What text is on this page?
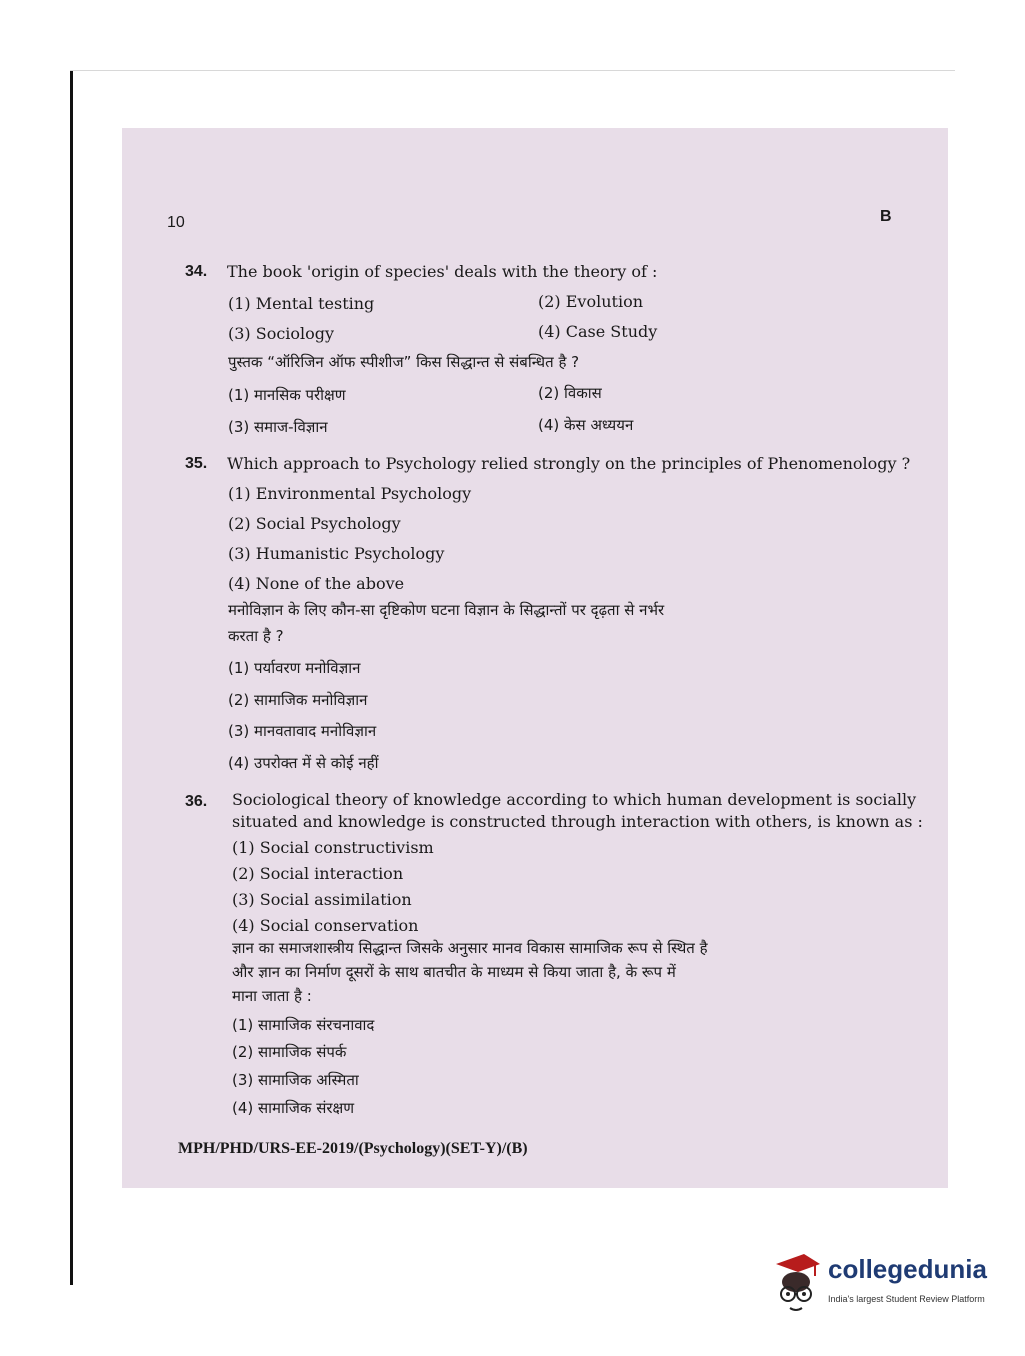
10	B
34. The book 'origin of species' deals with the theory of :
(1) Mental testing	(2) Evolution
(3) Sociology	(4) Case Study
पुस्तक “ऑरिजिन ऑफ स्पीशीज” किस सिद्धान्त से संबन्धित है ?
(1) मानसिक परीक्षण	(2) विकास
(3) समाज-विज्ञान	(4) केस अध्ययन
35. Which approach to Psychology relied strongly on the principles of Phenomenology ?
(1) Environmental Psychology
(2) Social Psychology
(3) Humanistic Psychology
(4) None of the above
मनोविज्ञान के लिए कौन-सा दृष्टिकोण घटना विज्ञान के सिद्धान्तों पर दृढ़ता से नर्भर
करता है ?
(1) पर्यावरण मनोविज्ञान
(2) सामाजिक मनोविज्ञान
(3) मानवतावाद मनोविज्ञान
(4) उपरोक्त में से कोई नहीं
36. Sociological theory of knowledge according to which human development is socially
situated and knowledge is constructed through interaction with others, is known as :
(1) Social constructivism
(2) Social interaction
(3) Social assimilation
(4) Social conservation
ज्ञान का समाजशास्त्रीय सिद्धान्त जिसके अनुसार मानव विकास सामाजिक रूप से स्थित है
और ज्ञान का निर्माण दूसरों के साथ बातचीत के माध्यम से किया जाता है, के रूप में
माना जाता है :
(1) सामाजिक संरचनावाद
(2) सामाजिक संपर्क
(3) सामाजिक अस्मिता
(4) सामाजिक संरक्षण
MPH/PHD/URS-EE-2019/(Psychology)(SET-Y)/(B)
collegedunia
India's largest Student Review Platform
